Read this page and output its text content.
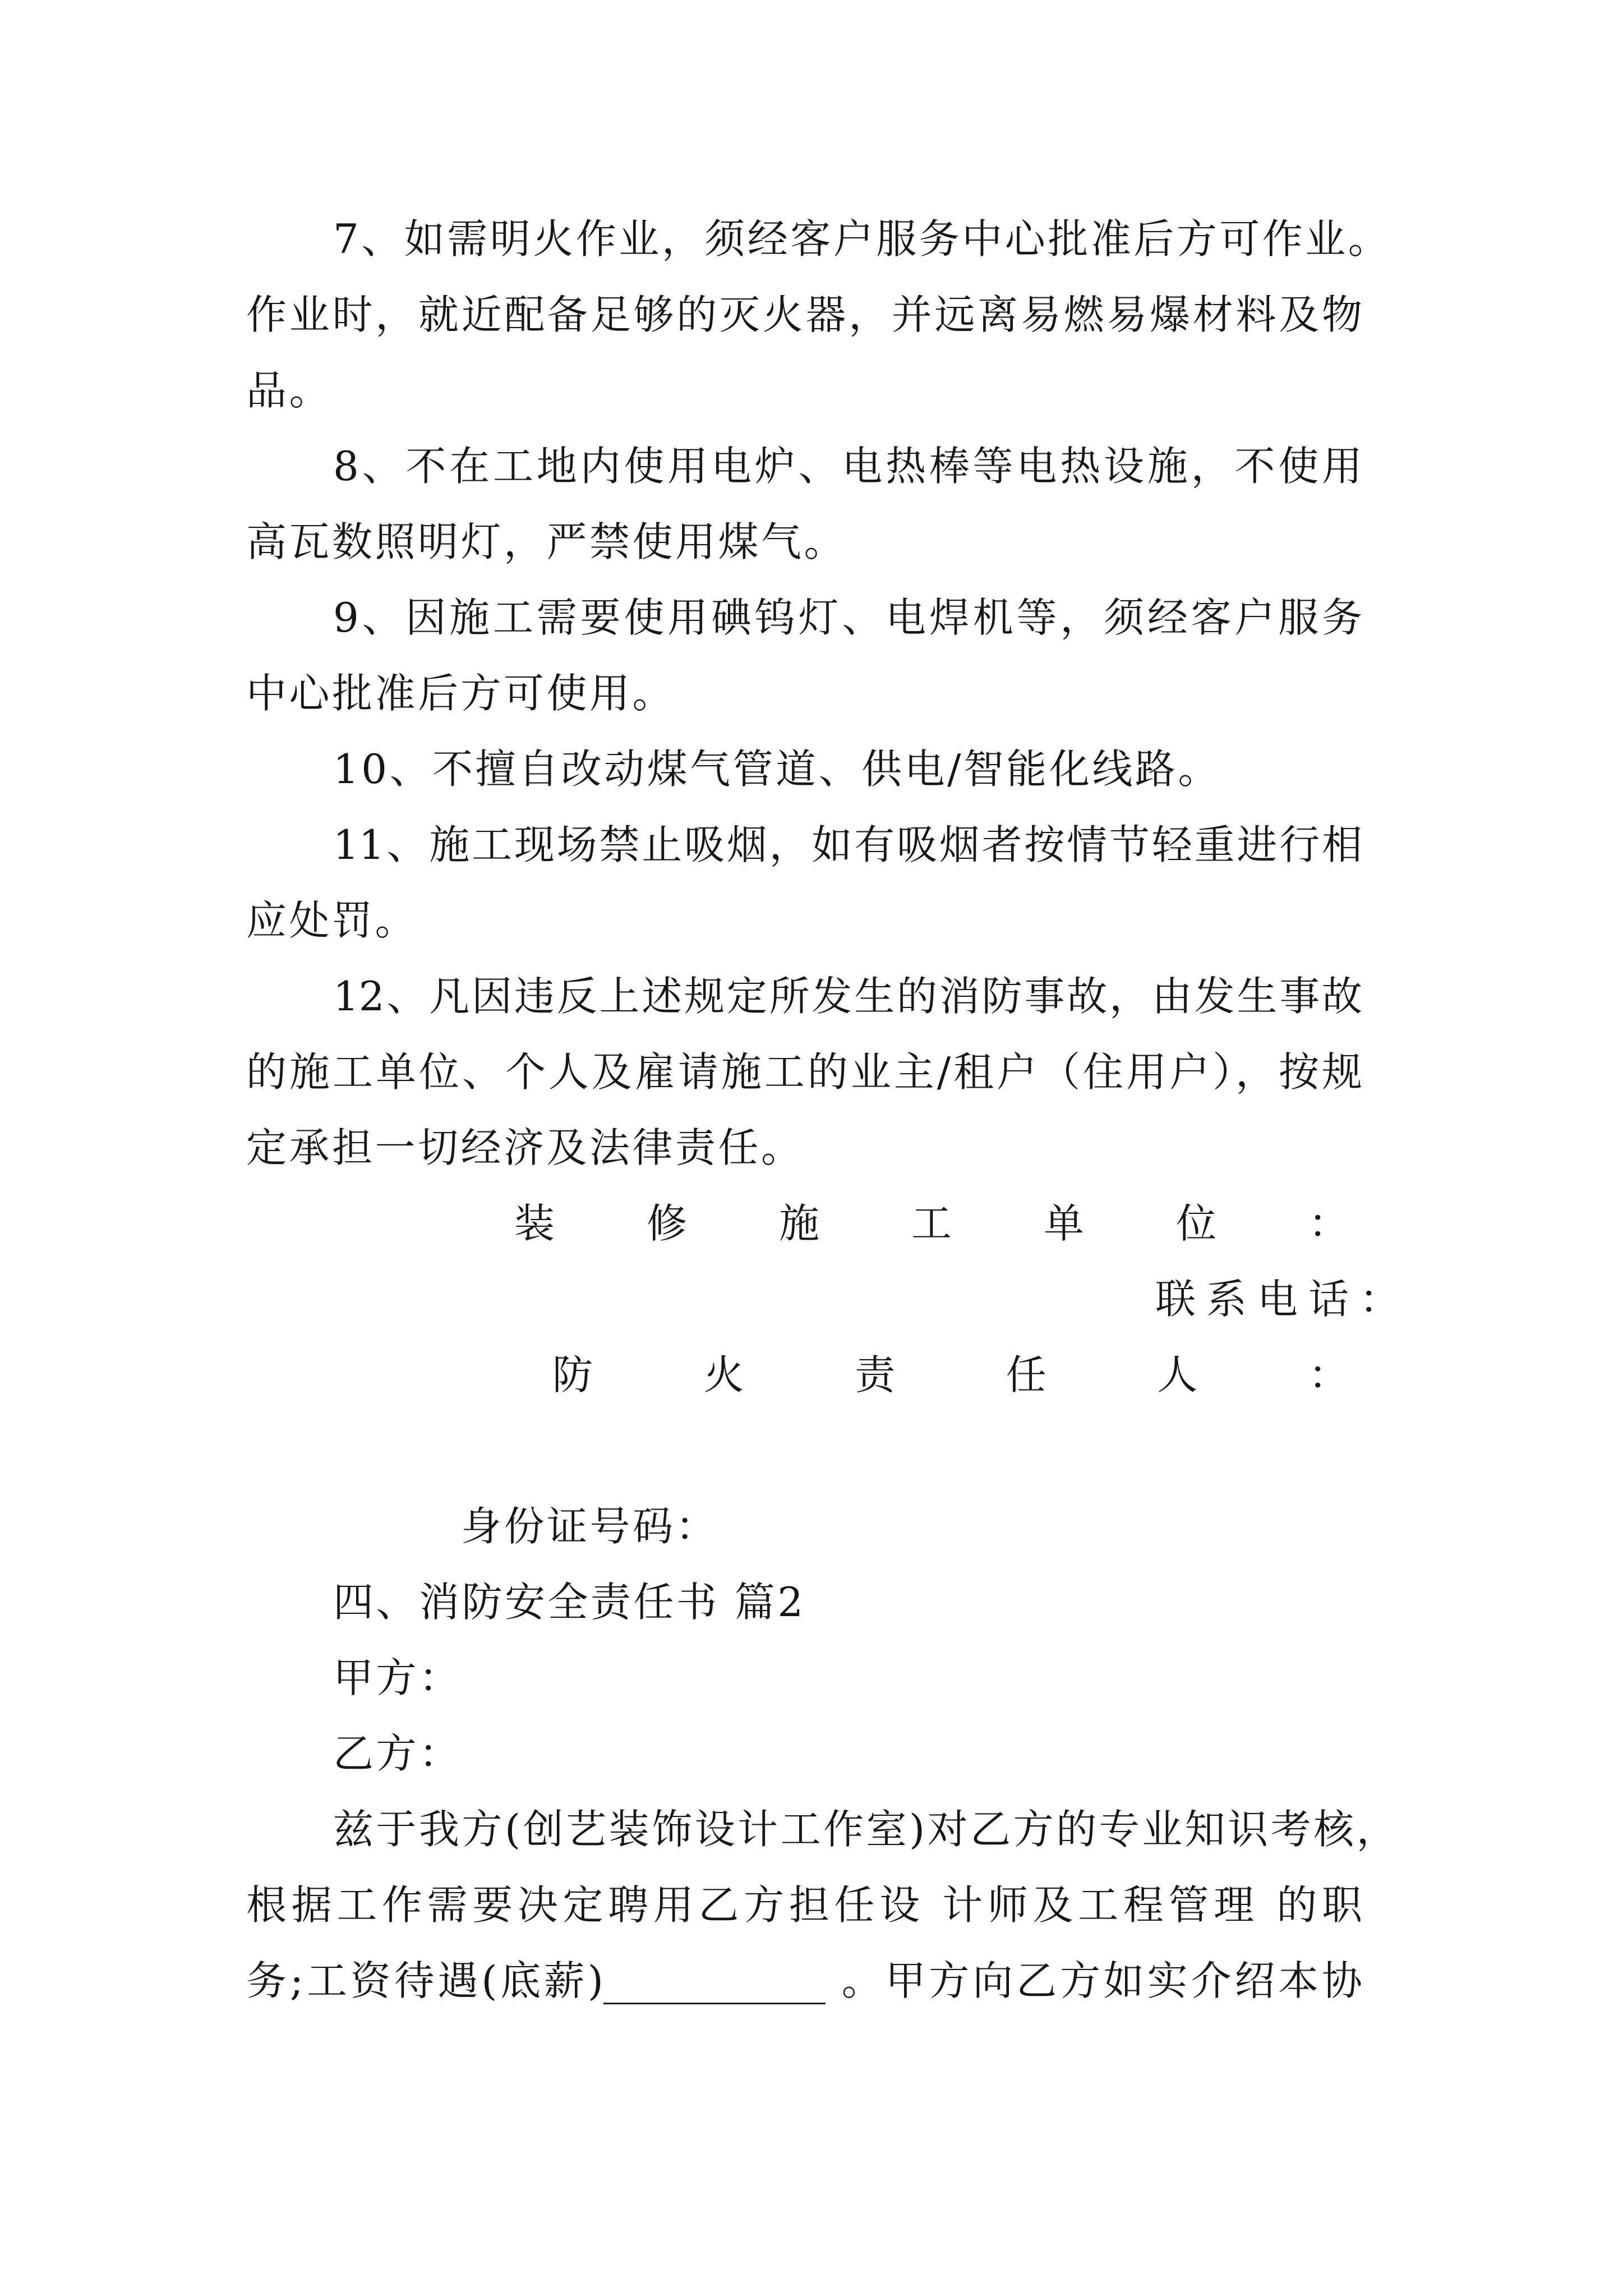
7、如需明火作业，须经客户服务中心批准后方可作业。
作业时，就近配备足够的灭火器，并远离易燃易爆材料及物
品。
8、不在工地内使用电炉、电热棒等电热设施，不使用
高瓦数照明灯，严禁使用煤气。
9、因施工需要使用碘钨灯、电焊机等，须经客户服务
中心批准后方可使用。
10、不擅自改动煤气管道、供电/智能化线路。
11、施工现场禁止吸烟，如有吸烟者按情节轻重进行相
应处罚。
12、凡因违反上述规定所发生的消防事故，由发生事故
的施工单位、个人及雇请施工的业主/租户（住用户），按规
定承担一切经济及法律责任。
装 修 施 工 单 位 ：
联系电话：
防 火 责 任 人 ：
身份证号码：
四、消防安全责任书 篇2
甲方：
乙方：
兹于我方(创艺装饰设计工作室)对乙方的专业知识考核，
根据工作需要决定聘用乙方担任设 计师及工程管理 的职
务;工资待遇(底薪)___________ 。甲方向乙方如实介绍本协
